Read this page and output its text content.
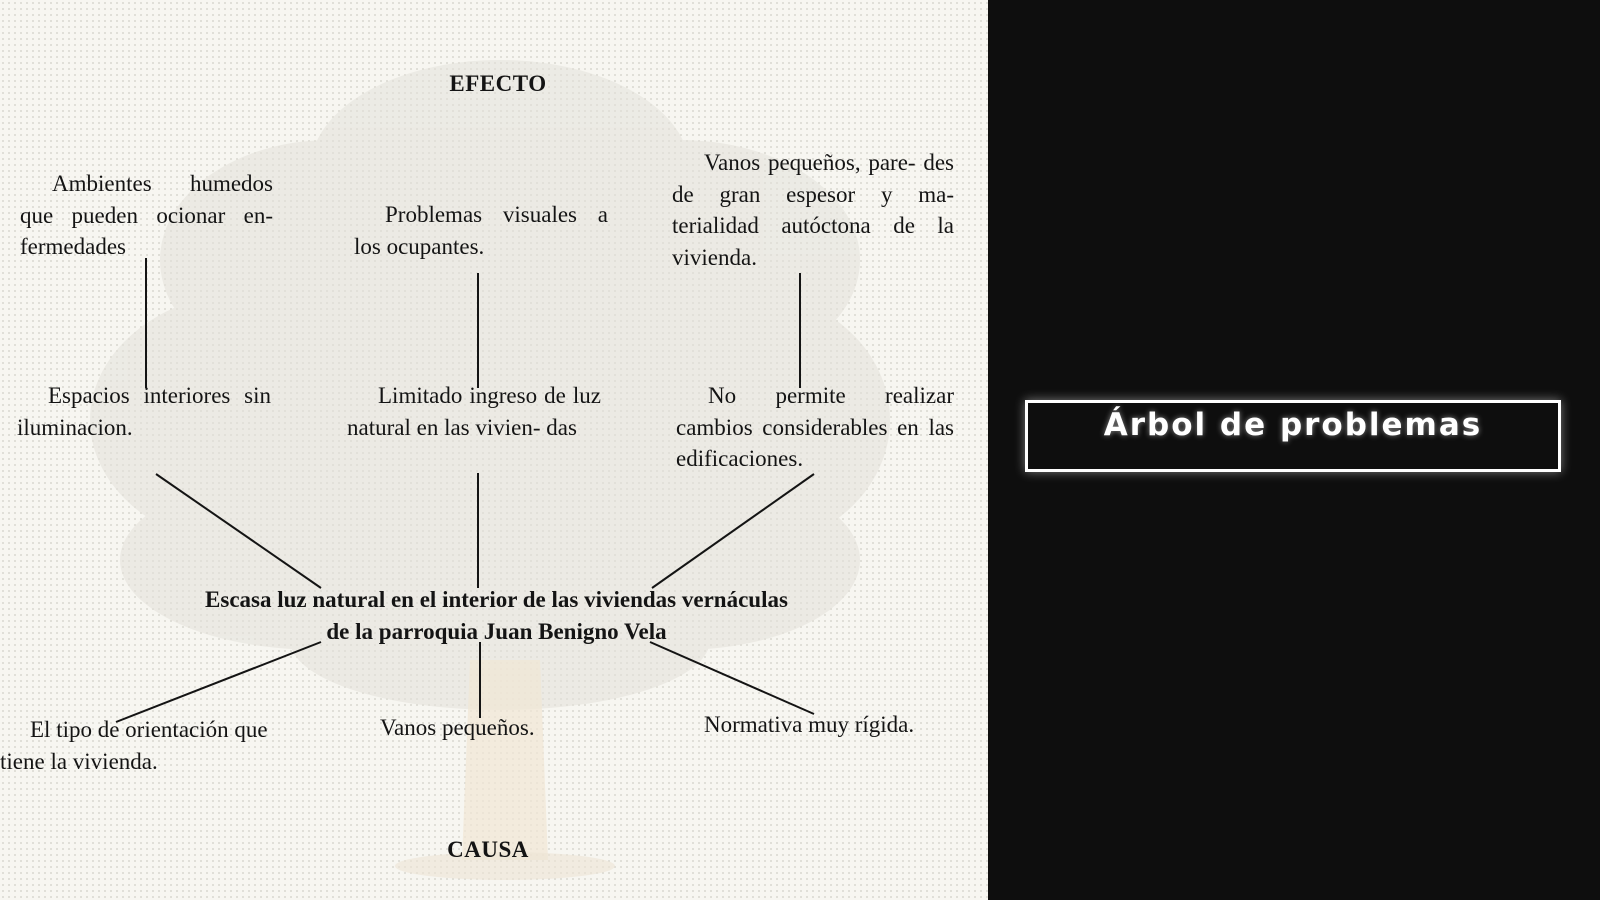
EFECTO
Ambientes humedos que pueden ocionar en- fermedades
Problemas visuales a los ocupantes.
Vanos pequeños, pare- des de gran espesor y ma- terialidad autóctona de la vivienda.
Espacios interiores sin iluminacion.
Limitado ingreso de luz natural en las vivien- das
No permite realizar cambios considerables en las edificaciones.
Escasa luz natural en el interior de las viviendas vernáculas
de la parroquia Juan Benigno Vela
El tipo de orientación que tiene la vivienda.
Vanos pequeños.	Normativa muy rígida.
CAUSA
Árbol de problemas
